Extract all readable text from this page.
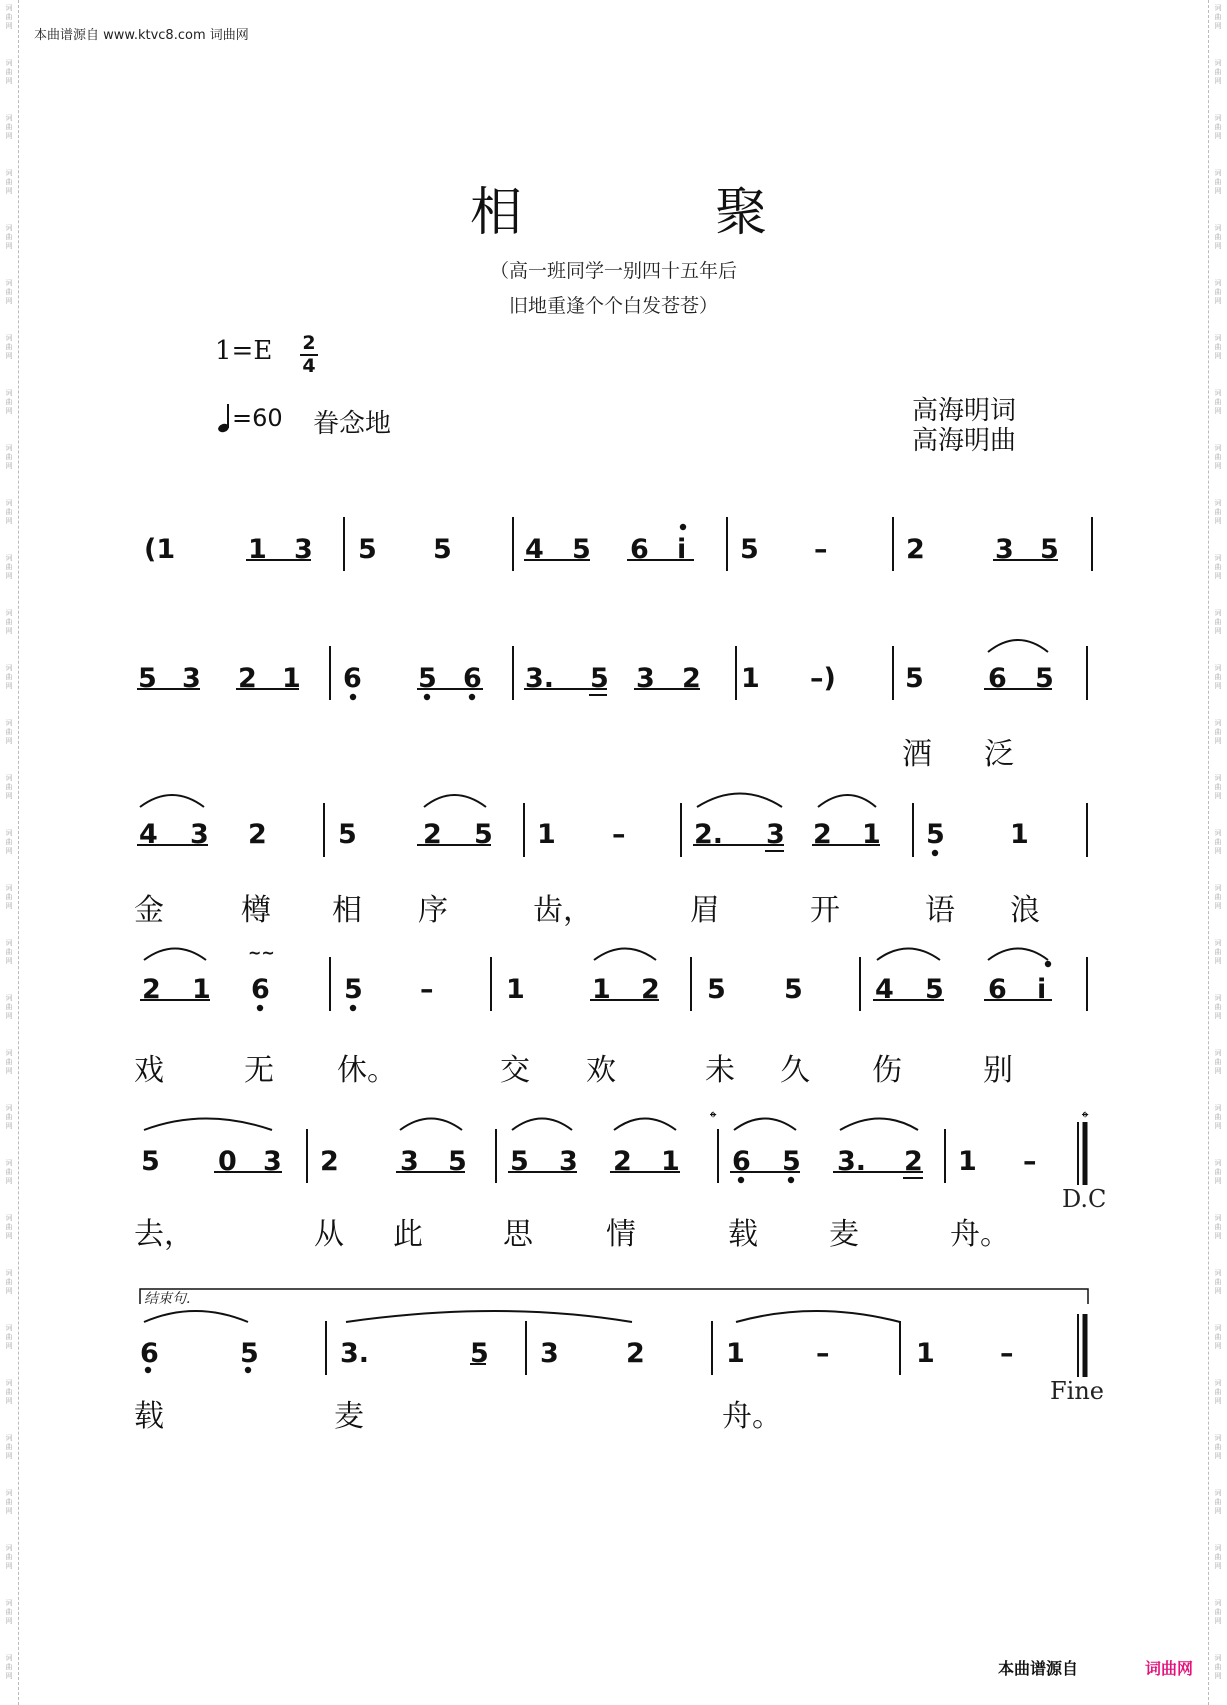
词
曲
网
词
曲
网
词
曲
网
词
曲
网
词
曲
网
词
曲
网
词
曲
网
词
曲
网
词
曲
网
词
曲
网
词
曲
网
词
曲
网
词
曲
网
词
曲
网
词
曲
网
词
曲
网
词
曲
网
词
曲
网
词
曲
网
词
曲
网
词
曲
网
词
曲
网
词
曲
网
词
曲
网
词
曲
网
词
曲
网
词
曲
网
词
曲
网
词
曲
网
词
曲
网
词
曲
网
词
曲
网
词
曲
网
词
曲
网
词
曲
网
词
曲
网
词
曲
网
词
曲
网
词
曲
网
词
曲
网
词
曲
网
词
曲
网
词
曲
网
词
曲
网
词
曲
网
词
曲
网
词
曲
网
词
曲
网
词
曲
网
词
曲
网
词
曲
网
词
曲
网
词
曲
网
词
曲
网
词
曲
网
词
曲
网
词
曲
网
词
曲
网
词
曲
网
词
曲
网
词
曲
网
词
曲
网
本曲谱源自 www.ktvc8.com 词曲网
相	聚
（高一班同学一别四十五年后
旧地重逢个个白发苍苍）
1=E 2
4
=60 眷念地	高海明词
高海明曲
(1	1 3 5 5	4 5 6 i 5 –	2	3 5
5 3 2 1 6 5 6 3. 5 3 2 1 –)	5 6 5
酒 泛
4 3 2	5 2 5 1 –	2. 3 2 1 5 1
金	樽 相 序	齿，	眉	开	语 浪
2 1 6	5 –	1 1 2 5 5	4 5 6 i
~~
戏	无 休。	交 欢	未 久 伤	别
5 0 3 2 3 5 5 3 2 1 6 5 3. 2 1 –
𝄌	𝄌
D.C
去，	从 此	思 情	载 麦	舟。
结束句.
6	5	3.	5 3 2	1	–	1 –
Fine
载	麦	舟。
本曲谱源自	词曲网
